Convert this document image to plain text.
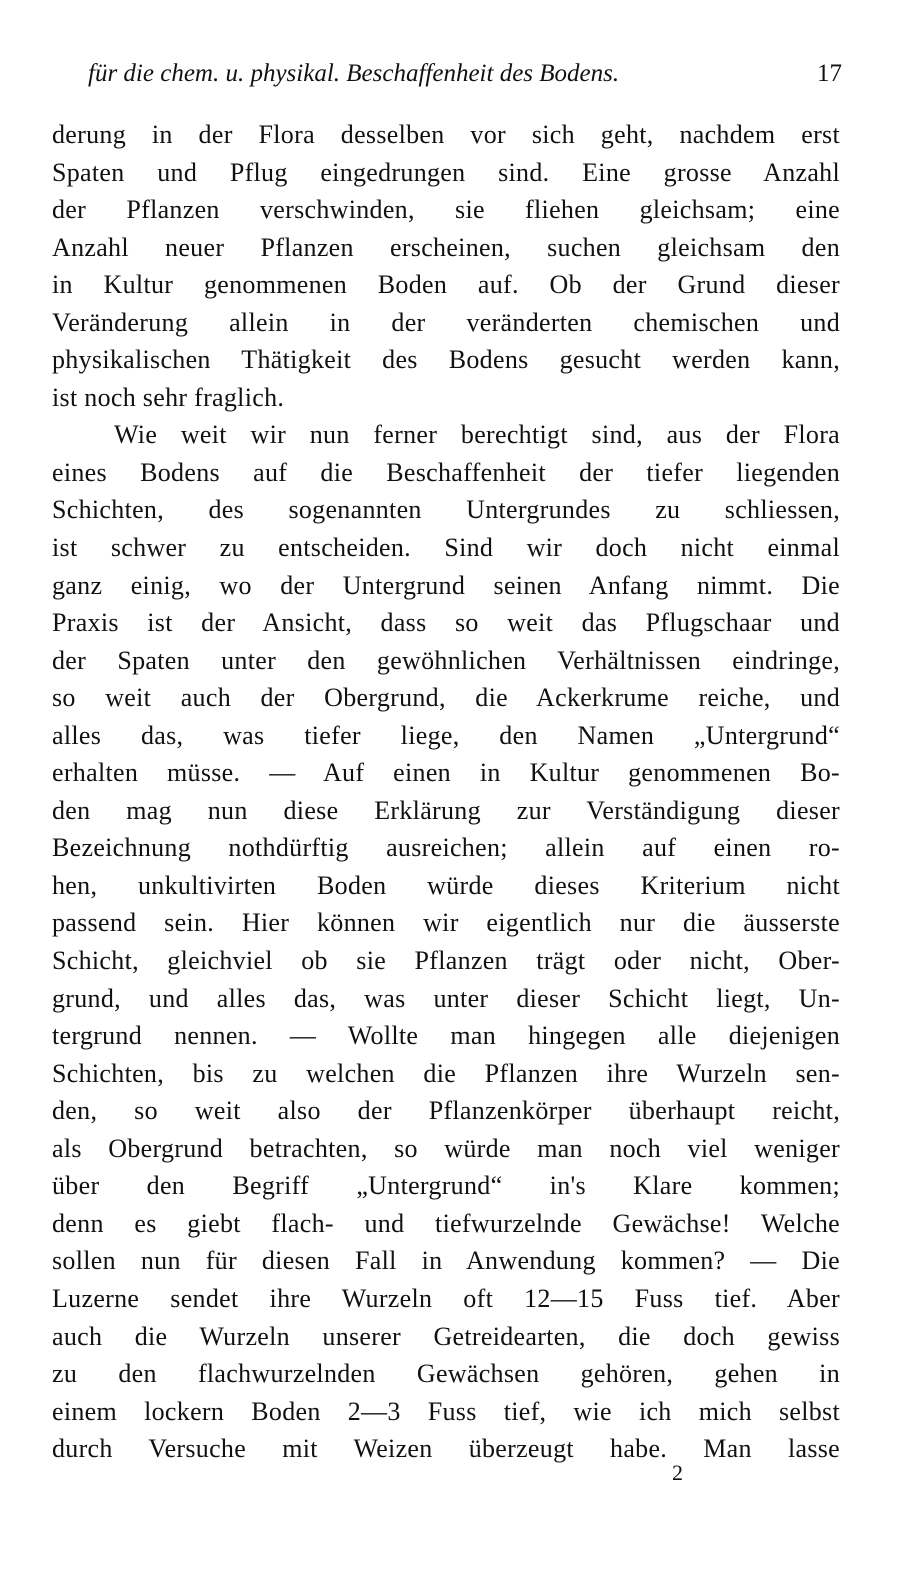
für die chem. u. physikal. Beschaffenheit des Bodens.	17
derung in der Flora desselben vor sich geht, nachdem erst
Spaten und Pflug eingedrungen sind. Eine grosse Anzahl
der Pflanzen verschwinden, sie fliehen gleichsam; eine
Anzahl neuer Pflanzen erscheinen, suchen gleichsam den
in Kultur genommenen Boden auf. Ob der Grund dieser
Veränderung allein in der veränderten chemischen und
physikalischen Thätigkeit des Bodens gesucht werden kann,
ist noch sehr fraglich.
Wie weit wir nun ferner berechtigt sind, aus der Flora
eines Bodens auf die Beschaffenheit der tiefer liegenden
Schichten, des sogenannten Untergrundes zu schliessen,
ist schwer zu entscheiden. Sind wir doch nicht einmal
ganz einig, wo der Untergrund seinen Anfang nimmt. Die
Praxis ist der Ansicht, dass so weit das Pflugschaar und
der Spaten unter den gewöhnlichen Verhältnissen eindringe,
so weit auch der Obergrund, die Ackerkrume reiche, und
alles das, was tiefer liege, den Namen „Untergrund“
erhalten müsse. — Auf einen in Kultur genommenen Bo-
den mag nun diese Erklärung zur Verständigung dieser
Bezeichnung nothdürftig ausreichen; allein auf einen ro-
hen, unkultivirten Boden würde dieses Kriterium nicht
passend sein. Hier können wir eigentlich nur die äusserste
Schicht, gleichviel ob sie Pflanzen trägt oder nicht, Ober-
grund, und alles das, was unter dieser Schicht liegt, Un-
tergrund nennen. — Wollte man hingegen alle diejenigen
Schichten, bis zu welchen die Pflanzen ihre Wurzeln sen-
den, so weit also der Pflanzenkörper überhaupt reicht,
als Obergrund betrachten, so würde man noch viel weniger
über den Begriff „Untergrund“ in's Klare kommen;
denn es giebt flach- und tiefwurzelnde Gewächse! Welche
sollen nun für diesen Fall in Anwendung kommen? — Die
Luzerne sendet ihre Wurzeln oft 12—15 Fuss tief. Aber
auch die Wurzeln unserer Getreidearten, die doch gewiss
zu den flachwurzelnden Gewächsen gehören, gehen in
einem lockern Boden 2—3 Fuss tief, wie ich mich selbst
durch Versuche mit Weizen überzeugt habe. Man lasse
2
